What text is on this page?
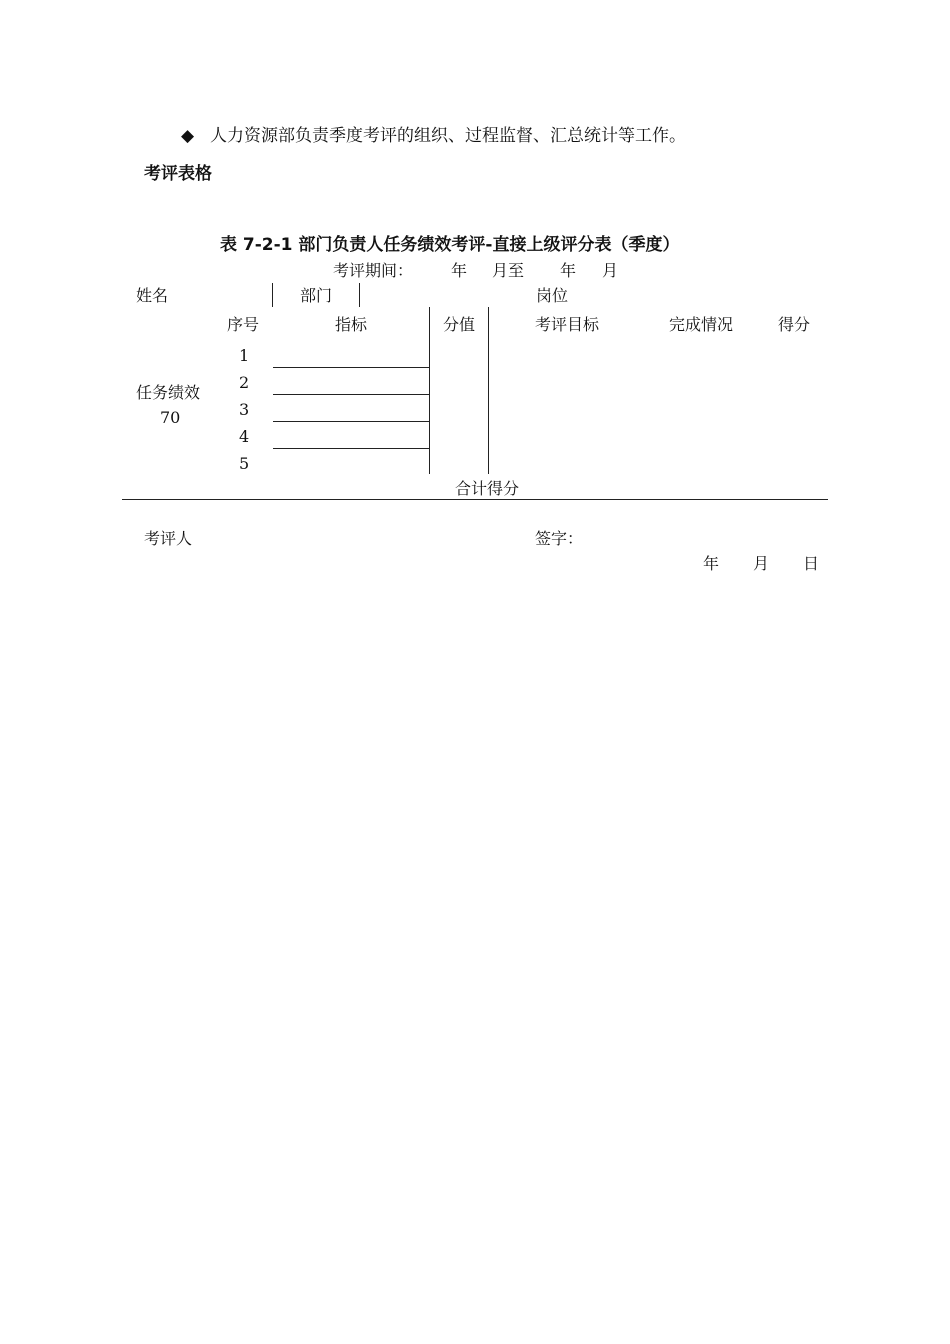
◆ 人力资源部负责季度考评的组织、过程监督、汇总统计等工作。
考评表格
表 7-2-1 部门负责人任务绩效考评-直接上级评分表（季度）
考评期间： 年 月至 年 月
姓名	部门	岗位
序号	指标	分值	考评目标	完成情况	得分
任务绩效
70
1
2
3
4
5
合计得分
考评人	签字：
年 月 日
